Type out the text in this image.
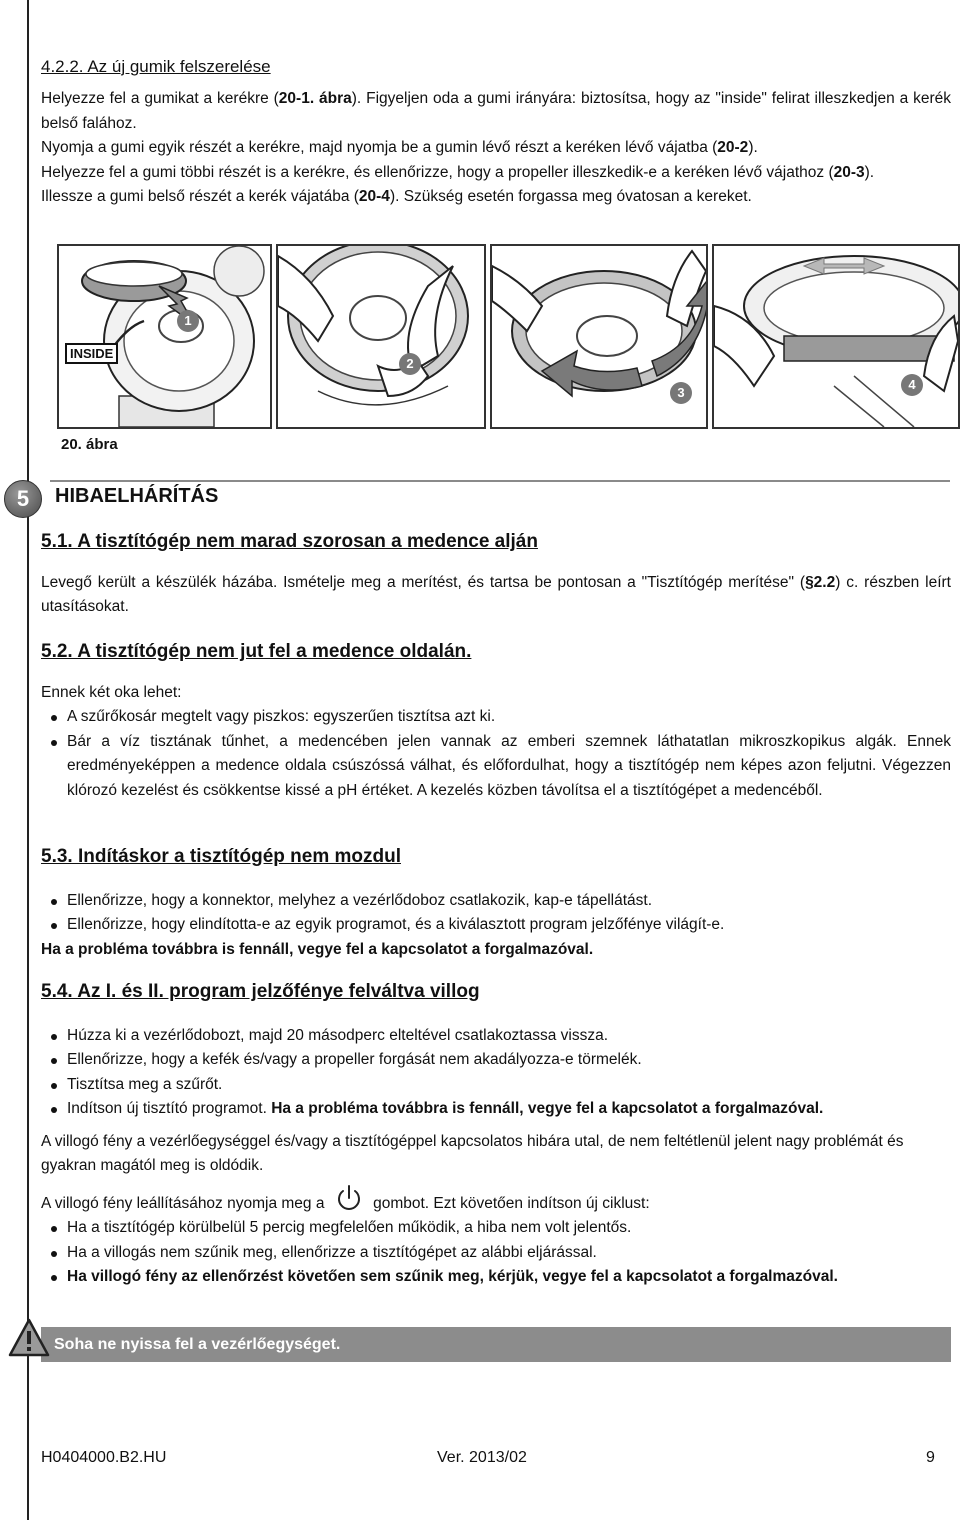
4.2.2. Az új gumik felszerelése

Helyezze fel a gumikat a kerékre (20-1. ábra). Figyeljen oda a gumi irányára: biztosítsa, hogy az "inside" felirat illeszkedjen a kerék belső falához.

Nyomja a gumi egyik részét a kerékre, majd nyomja be a gumin lévő részt a keréken lévő vájatba (20-2).

Helyezze fel a gumi többi részét is a kerékre, és ellenőrizze, hogy a propeller illeszkedik-e a keréken lévő vájathoz (20-3).

Illessze a gumi belső részét a kerék vájatába (20-4). Szükség esetén forgassa meg óvatosan a kereket.

1
INSIDE
2
3
4
20. ábra
5	HIBAELHÁRÍTÁS
5.1. A tisztítógép nem marad szorosan a medence alján

Levegő került a készülék házába. Ismételje meg a merítést, és tartsa be pontosan a "Tisztítógép merítése" (§2.2) c. részben leírt utasításokat.

5.2. A tisztítógép nem jut fel a medence oldalán.

Ennek két oka lehet:

A szűrőkosár megtelt vagy piszkos: egyszerűen tisztítsa azt ki.
Bár a víz tisztának tűnhet, a medencében jelen vannak az emberi szemnek láthatatlan mikroszkopikus algák. Ennek eredményeképpen a medence oldala csúszóssá válhat, és előfordulhat, hogy a tisztítógép nem képes azon feljutni. Végezzen klórozó kezelést és csökkentse kissé a pH értéket. A kezelés közben távolítsa el a tisztítógépet a medencéből.
5.3. Indításkor a tisztítógép nem mozdul
Ellenőrizze, hogy a konnektor, melyhez a vezérlődoboz csatlakozik, kap-e tápellátást.
Ellenőrizze, hogy elindította-e az egyik programot, és a kiválasztott program jelzőfénye világít-e.

Ha a probléma továbbra is fennáll, vegye fel a kapcsolatot a forgalmazóval.

5.4. Az I. és II. program jelzőfénye felváltva villog
Húzza ki a vezérlődobozt, majd 20 másodperc elteltével csatlakoztassa vissza.
Ellenőrizze, hogy a kefék és/vagy a propeller forgását nem akadályozza-e törmelék.
Tisztítsa meg a szűrőt.
Indítson új tisztító programot. Ha a probléma továbbra is fennáll, vegye fel a kapcsolatot a forgalmazóval.

A villogó fény a vezérlőegységgel és/vagy a tisztítógéppel kapcsolatos hibára utal, de nem feltétlenül jelent nagy problémát és gyakran magától meg is oldódik.

A villogó fény leállításához nyomja meg a	gombot. Ezt követően indítson új ciklust:

Ha a tisztítógép körülbelül 5 percig megfelelően működik, a hiba nem volt jelentős.
Ha a villogás nem szűnik meg, ellenőrizze a tisztítógépet az alábbi eljárással.
Ha villogó fény az ellenőrzést követően sem szűnik meg, kérjük, vegye fel a kapcsolatot a forgalmazóval.
Soha ne nyissa fel a vezérlőegységet.
H0404000.B2.HU	Ver. 2013/02	9
